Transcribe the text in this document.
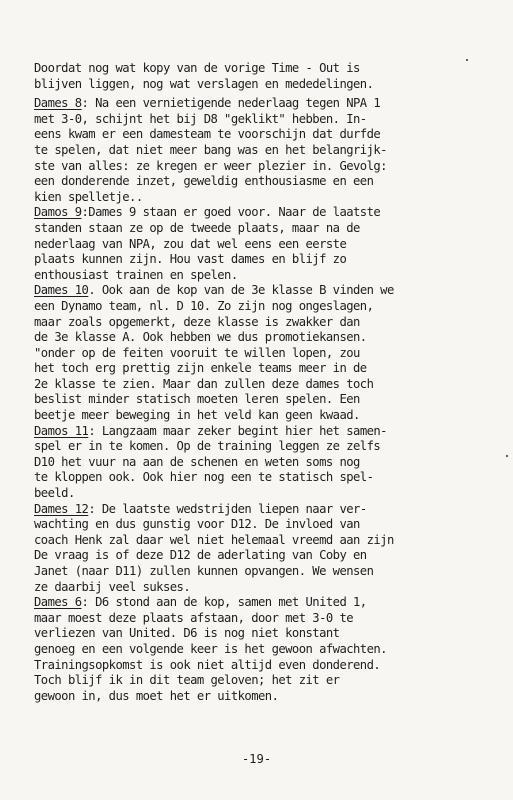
Doordat nog wat kopy van de vorige Time - Out is
blijven liggen, nog wat verslagen en mededelingen.
Dames 8: Na een vernietigende nederlaag tegen NPA 1
met 3-0, schijnt het bij D8 "geklikt" hebben. In-
eens kwam er een damesteam te voorschijn dat durfde
te spelen, dat niet meer bang was en het belangrijk-
ste van alles: ze kregen er weer plezier in. Gevolg:
een donderende inzet, geweldig enthousiasme en een
kien spelletje..
Damos 9:Dames 9 staan er goed voor. Naar de laatste
standen staan ze op de tweede plaats, maar na de
nederlaag van NPA, zou dat wel eens een eerste
plaats kunnen zijn. Hou vast dames en blijf zo
enthousiast trainen en spelen.
Dames 10. Ook aan de kop van de 3e klasse B vinden we
een Dynamo team, nl. D 10. Zo zijn nog ongeslagen,
maar zoals opgemerkt, deze klasse is zwakker dan
de 3e klasse A. Ook hebben we dus promotiekansen.
"onder op de feiten vooruit te willen lopen, zou
het toch erg prettig zijn enkele teams meer in de
2e klasse te zien. Maar dan zullen deze dames toch
beslist minder statisch moeten leren spelen. Een
beetje meer beweging in het veld kan geen kwaad.
Damos 11: Langzaam maar zeker begint hier het samen-
spel er in te komen. Op de training leggen ze zelfs
D10 het vuur na aan de schenen en weten soms nog
te kloppen ook. Ook hier nog een te statisch spel-
beeld.
Dames 12: De laatste wedstrijden liepen naar ver-
wachting en dus gunstig voor D12. De invloed van
coach Henk zal daar wel niet helemaal vreemd aan zijn
De vraag is of deze D12 de aderlating van Coby en
Janet (naar D11) zullen kunnen opvangen. We wensen
ze daarbij veel sukses.
Dames 6: D6 stond aan de kop, samen met United 1,
maar moest deze plaats afstaan, door met 3-0 te
verliezen van United. D6 is nog niet konstant
genoeg en een volgende keer is het gewoon afwachten.
Trainingsopkomst is ook niet altijd even donderend.
Toch blijf ik in dit team geloven; het zit er
gewoon in, dus moet het er uitkomen.
-19-
